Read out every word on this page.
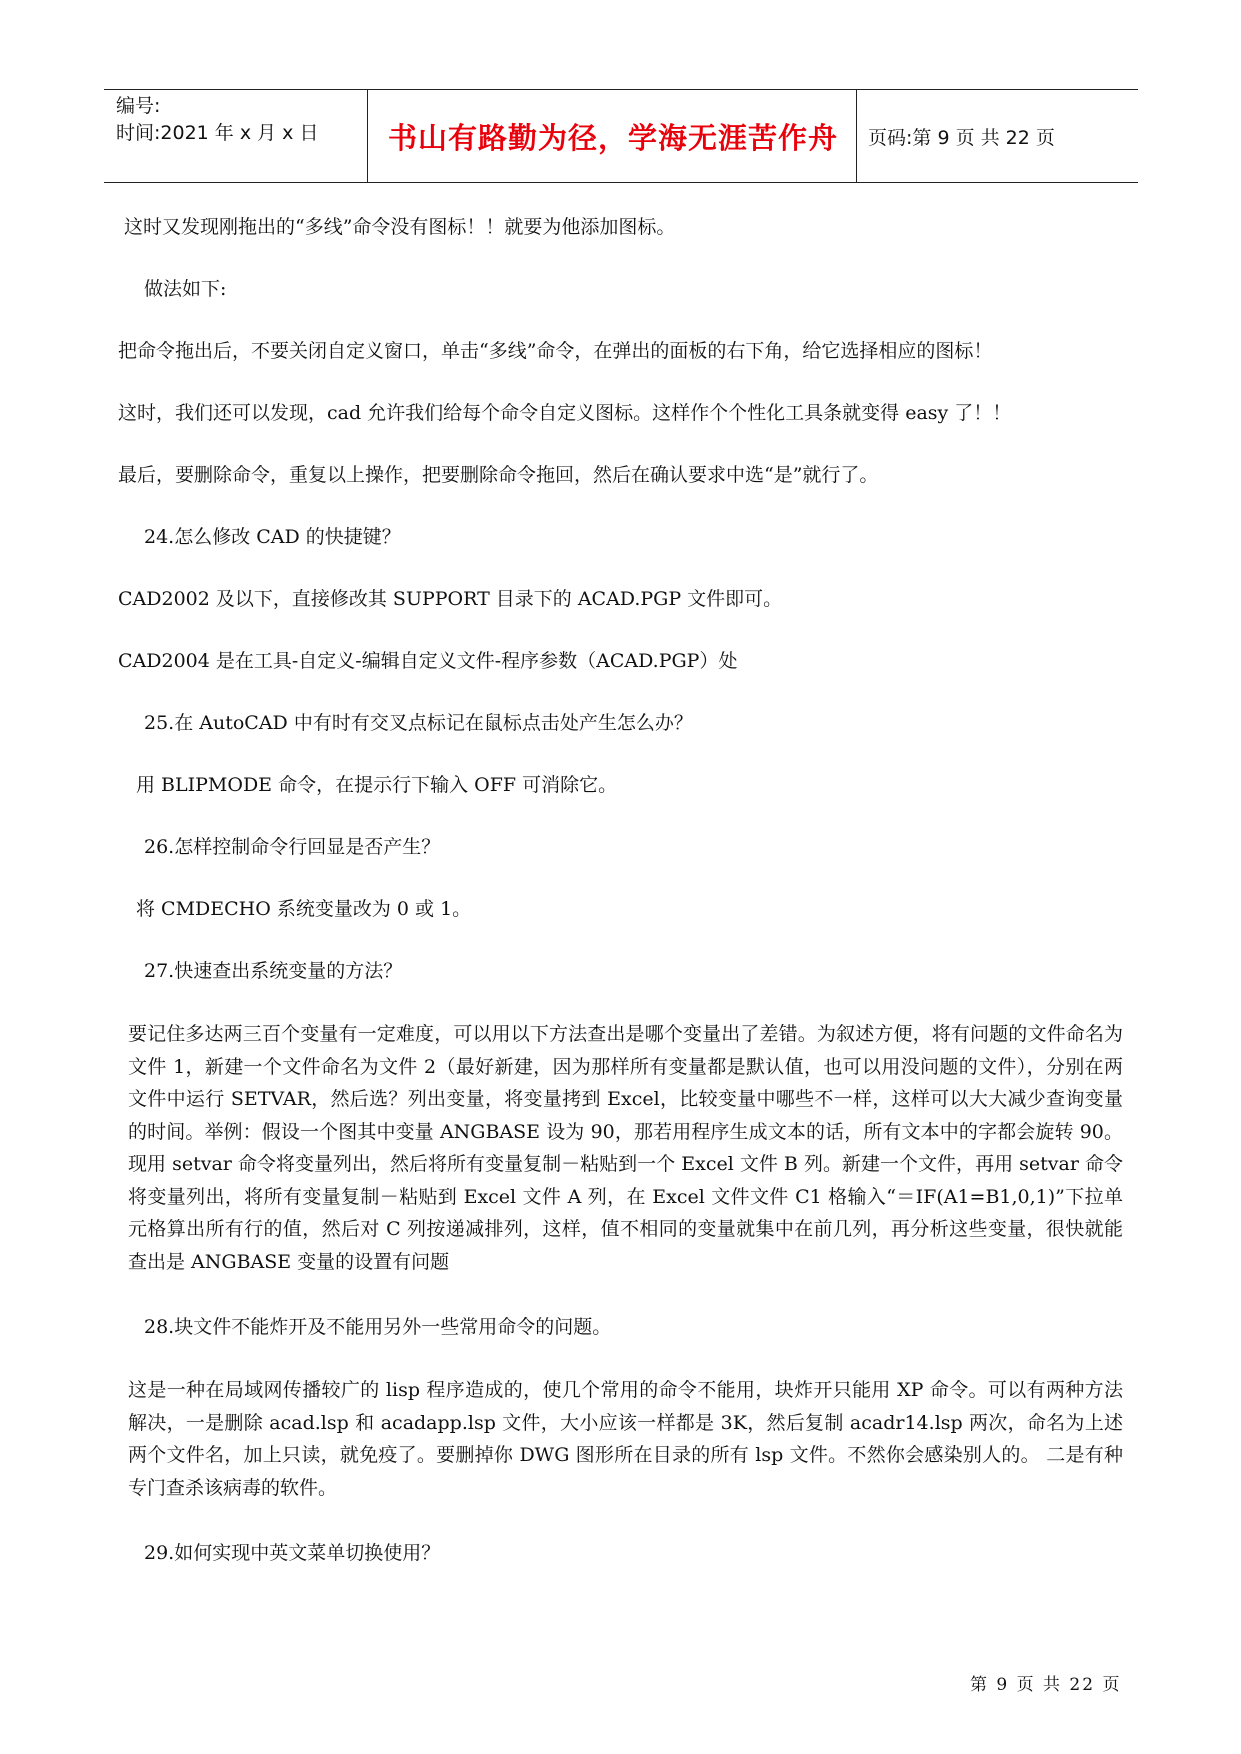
编号:
时间:2021 年 x 月 x 日	书山有路勤为径，学海无涯苦作舟	页码:第 9 页 共 22 页

这时又发现刚拖出的“多线”命令没有图标！！就要为他添加图标。

做法如下:

把命令拖出后，不要关闭自定义窗口，单击“多线”命令，在弹出的面板的右下角，给它选择相应的图标！

这时，我们还可以发现，cad 允许我们给每个命令自定义图标。这样作个个性化工具条就变得 easy 了！！

最后，要删除命令，重复以上操作，把要删除命令拖回，然后在确认要求中选“是”就行了。

24.怎么修改 CAD 的快捷键？

CAD2002 及以下，直接修改其 SUPPORT 目录下的 ACAD.PGP 文件即可。

CAD2004 是在工具-自定义-编辑自定义文件-程序参数（ACAD.PGP）处

25.在 AutoCAD 中有时有交叉点标记在鼠标点击处产生怎么办？

用 BLIPMODE 命令，在提示行下输入 OFF 可消除它。

26.怎样控制命令行回显是否产生？

将 CMDECHO 系统变量改为 0 或 1。

27.快速查出系统变量的方法？

要记住多达两三百个变量有一定难度，可以用以下方法查出是哪个变量出了差错。为叙述方便，将有问题的文件命名为文件 1，新建一个文件命名为文件 2（最好新建，因为那样所有变量都是默认值，也可以用没问题的文件），分别在两文件中运行 SETVAR，然后选？列出变量，将变量拷到 Excel，比较变量中哪些不一样，这样可以大大减少查询变量的时间。举例：假设一个图其中变量 ANGBASE 设为 90，那若用程序生成文本的话，所有文本中的字都会旋转 90。现用 setvar 命令将变量列出，然后将所有变量复制－粘贴到一个 Excel 文件 B 列。新建一个文件，再用 setvar 命令将变量列出，将所有变量复制－粘贴到 Excel 文件 A 列，在 Excel 文件文件 C1 格输入“＝IF(A1=B1,0,1)”下拉单元格算出所有行的值，然后对 C 列按递减排列，这样，值不相同的变量就集中在前几列，再分析这些变量，很快就能查出是 ANGBASE 变量的设置有问题

28.块文件不能炸开及不能用另外一些常用命令的问题。

这是一种在局域网传播较广的 lisp 程序造成的，使几个常用的命令不能用，块炸开只能用 XP 命令。可以有两种方法解决，一是删除 acad.lsp 和 acadapp.lsp 文件，大小应该一样都是 3K，然后复制 acadr14.lsp 两次，命名为上述两个文件名，加上只读，就免疫了。要删掉你 DWG 图形所在目录的所有 lsp 文件。不然你会感染别人的。 二是有种专门查杀该病毒的软件。

29.如何实现中英文菜单切换使用？

第 9 页 共 22 页
